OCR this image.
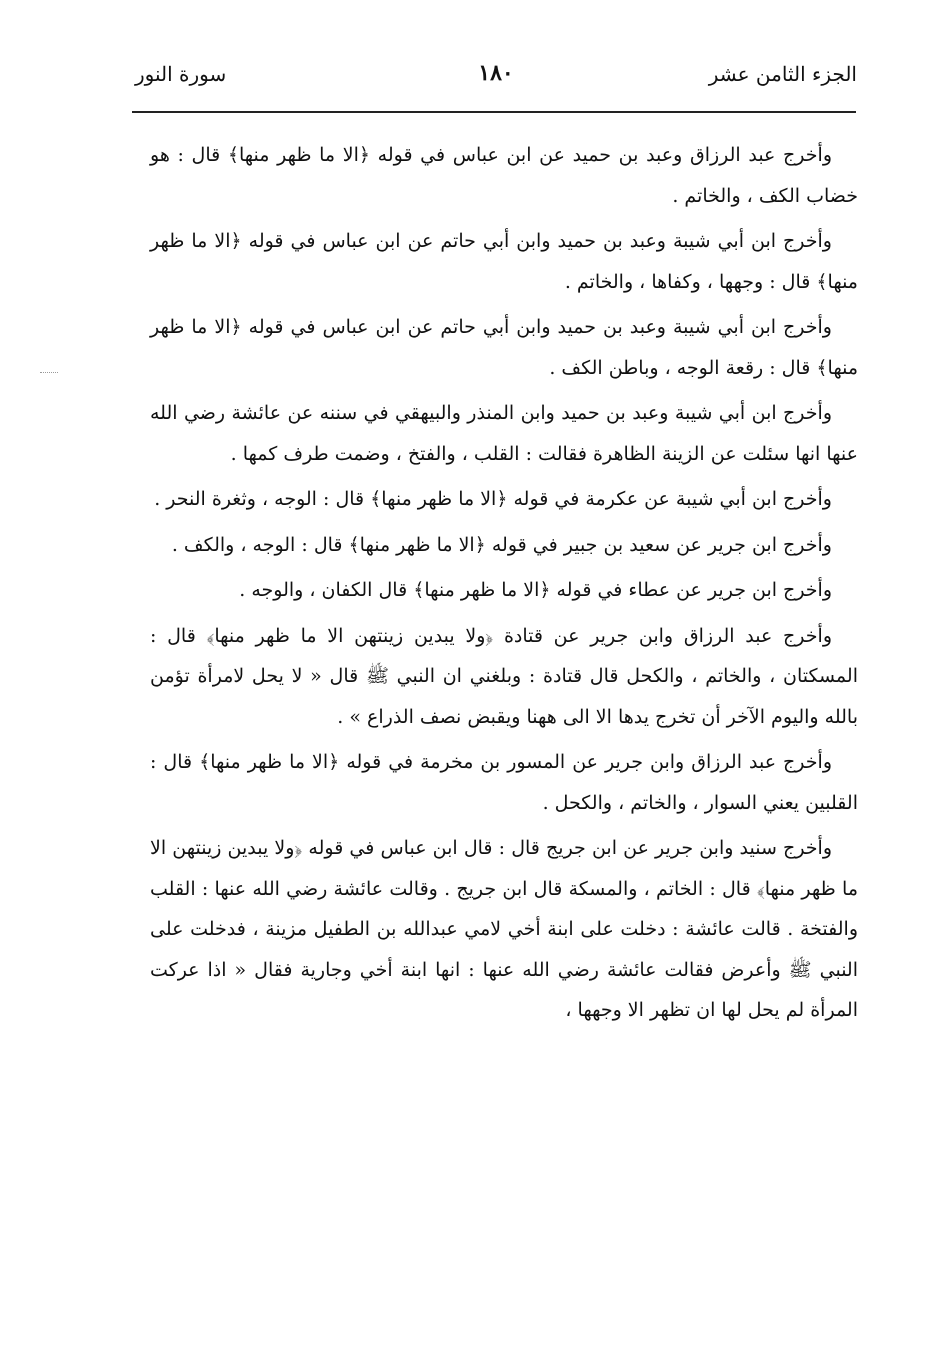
الجزء الثامن عشر
١٨٠
سورة النور

وأخرج عبد الرزاق وعبد بن حميد عن ابن عباس في قوله ﴿الا ما ظهر منها﴾ قال : هو خضاب الكف ، والخاتم .

وأخرج ابن أبي شيبة وعبد بن حميد وابن أبي حاتم عن ابن عباس في قوله ﴿الا ما ظهر منها﴾ قال : وجهها ، وكفاها ، والخاتم .

وأخرج ابن أبي شيبة وعبد بن حميد وابن أبي حاتم عن ابن عباس في قوله ﴿الا ما ظهر منها﴾ قال : رقعة الوجه ، وباطن الكف .

وأخرج ابن أبي شيبة وعبد بن حميد وابن المنذر والبيهقي في سننه عن عائشة رضي الله عنها انها سئلت عن الزينة الظاهرة فقالت : القلب ، والفتخ ، وضمت طرف كمها .

وأخرج ابن أبي شيبة عن عكرمة في قوله ﴿الا ما ظهر منها﴾ قال : الوجه ، وثغرة النحر .

وأخرج ابن جرير عن سعيد بن جبير في قوله ﴿الا ما ظهر منها﴾ قال : الوجه ، والكف .

وأخرج ابن جرير عن عطاء في قوله ﴿الا ما ظهر منها﴾ قال الكفان ، والوجه .

وأخرج عبد الرزاق وابن جرير عن قتادة ﴿ولا يبدين زينتهن الا ما ظهر منها﴾ قال : المسكتان ، والخاتم ، والكحل قال قتادة : وبلغني ان النبي ﷺ قال « لا يحل لامرأة تؤمن بالله واليوم الآخر أن تخرج يدها الا الى ههنا ويقبض نصف الذراع » .

وأخرج عبد الرزاق وابن جرير عن المسور بن مخرمة في قوله ﴿الا ما ظهر منها﴾ قال : القلبين يعني السوار ، والخاتم ، والكحل .

وأخرج سنيد وابن جرير عن ابن جريج قال : قال ابن عباس في قوله ﴿ولا يبدين زينتهن الا ما ظهر منها﴾ قال : الخاتم ، والمسكة قال ابن جريج . وقالت عائشة رضي الله عنها : القلب والفتخة . قالت عائشة : دخلت على ابنة أخي لامي عبدالله بن الطفيل مزينة ، فدخلت على النبي ﷺ وأعرض فقالت عائشة رضي الله عنها : انها ابنة أخي وجارية فقال « اذا عركت المرأة لم يحل لها ان تظهر الا وجهها ،
